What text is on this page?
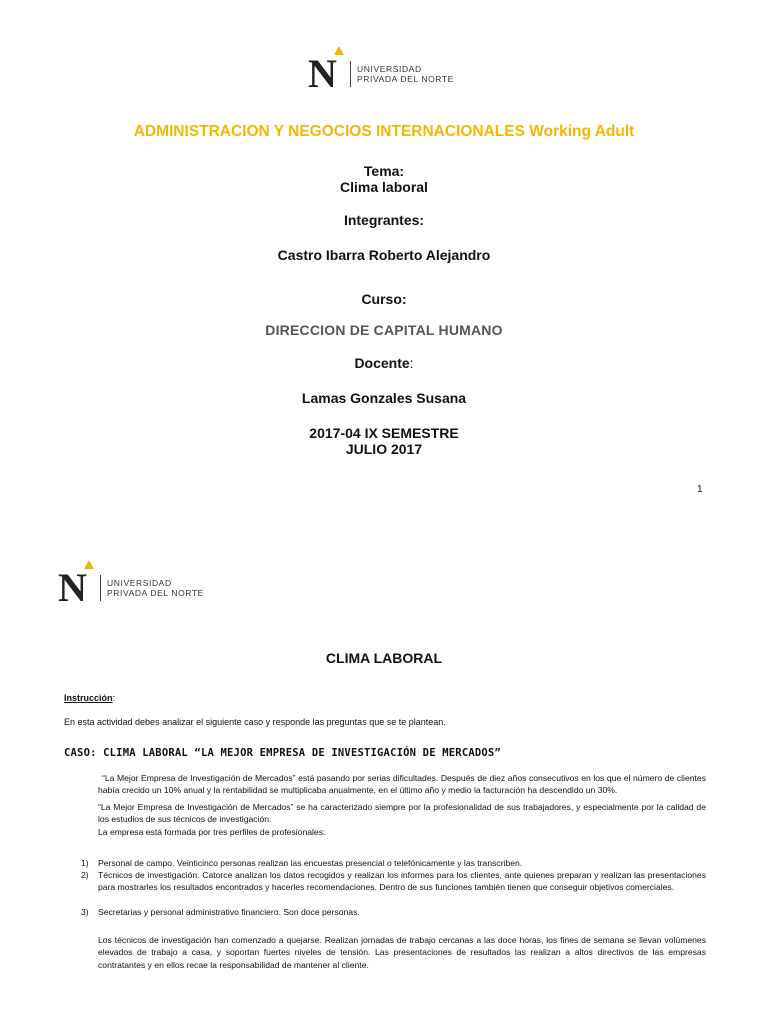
N UNIVERSIDAD
PRIVADA DEL NORTE
ADMINISTRACION Y NEGOCIOS INTERNACIONALES Working Adult
Tema:
Clima laboral
Integrantes:
Castro Ibarra Roberto Alejandro
Curso:
DIRECCION DE CAPITAL HUMANO
Docente:
Lamas Gonzales Susana
2017-04 IX SEMESTRE
JULIO 2017
1
N UNIVERSIDAD
PRIVADA DEL NORTE
CLIMA LABORAL
Instrucción:
En esta actividad debes analizar el siguiente caso y responde las preguntas que se te plantean.
CASO: CLIMA LABORAL “LA MEJOR EMPRESA DE INVESTIGACIÓN DE MERCADOS”
“La Mejor Empresa de Investigación de Mercados” está pasando por serias dificultades. Después de diez años consecutivos en los que el número de clientes había crecido un 10% anual y la rentabilidad se multiplicaba anualmente, en el último año y medio la facturación ha descendido un 30%.
“La Mejor Empresa de Investigación de Mercados” se ha caracterizado siempre por la profesionalidad de sus trabajadores, y especialmente por la calidad de los estudios de sus técnicos de investigación.
La empresa está formada por tres perfiles de profesionales:
1) Personal de campo. Veinticinco personas realizan las encuestas presencial o telefónicamente y las transcriben.
2) Técnicos de investigación. Catorce analizan los datos recogidos y realizan los informes para los clientes, ante quienes preparan y realizan las presentaciones para mostrarles los resultados encontrados y hacerles recomendaciones. Dentro de sus funciones también tienen que conseguir objetivos comerciales.
3) Secretarias y personal administrativo financiero. Son doce personas.
Los técnicos de investigación han comenzado a quejarse. Realizan jornadas de trabajo cercanas a las doce horas, los fines de semana se llevan volúmenes elevados de trabajo a casa, y soportan fuertes niveles de tensión. Las presentaciones de resultados las realizan a altos directivos de las empresas contratantes y en ellos recae la responsabilidad de mantener al cliente.
